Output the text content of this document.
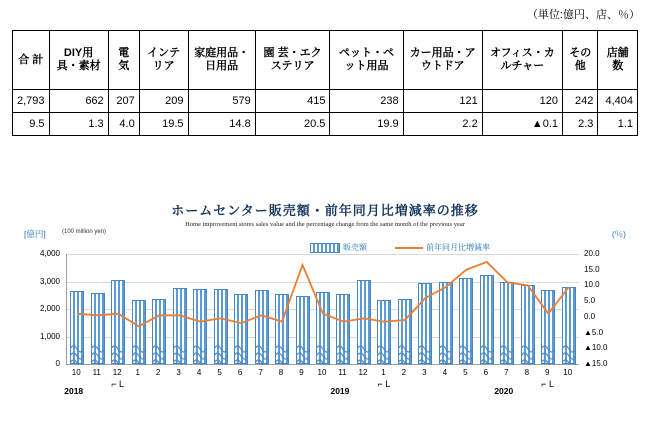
（単位:億円、店、％）
合 計	DIY用具・素材	電 気	インテリア	家庭用品・日用品	園 芸・エクステリア	ペット・ペット用品	カー用品・アウトドア	オフィス・カルチャー	その他	店舗数
2,793	662	207	209	579	415	238	121	120	242	4,404
9.5	1.3	4.0	19.5	14.8	20.5	19.9	2.2	▲0.1	2.3	1.1
ホームセンター販売額・前年同月比増減率の推移
Home improvement stores sales value and the percentage change from the same month of the previous year
[億円]	(100 million yen)	(％)
販売額	前年同月比増減率
4,000
3,000
2,000
1,000
0
20.0
15.0
10.0
5.0
0.0
▲5.0
▲10.0
▲15.0
10	11	12	1	2	3	4	5	6	7	8	9	10	11	12	1	2	3	4	5	6	7	8	9	10
2018
⌐ L
2019
⌐ L
2020
⌐ L
